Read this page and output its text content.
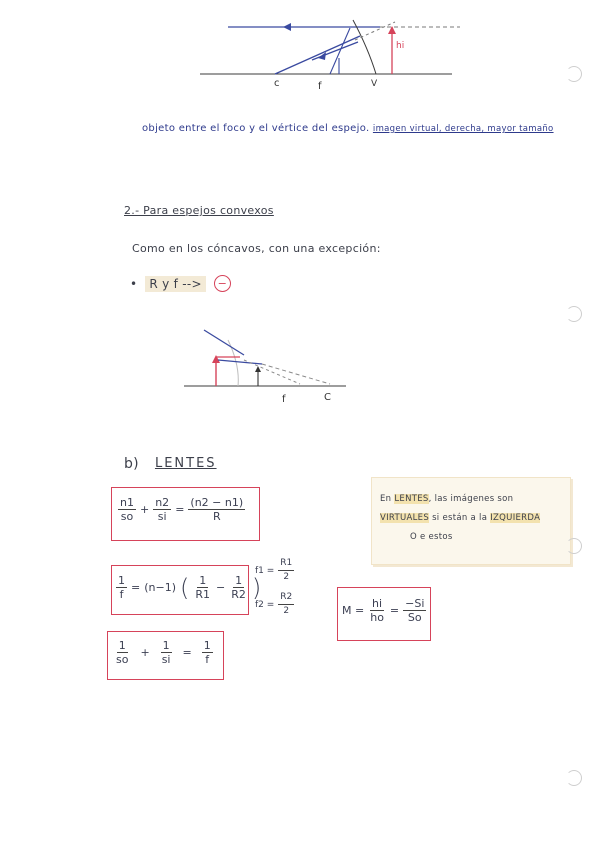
hi
c	f	V
objeto entre el foco y el vértice del espejo. imagen virtual, derecha, mayor tamaño
2.- Para espejos convexos
Como en los cóncavos, con una excepción:
•	R y f -->	−
f	C
b) LENTES
$\frac{n1}{so} + \frac{n2}{si} = \frac{(n2 - n1)}{R}$
$\frac{1}{f} = (n-1)$ ( $\frac{1}{R1} - \frac{1}{R2}$ )
$f1 = \frac{R1}{2}$
$f2 = \frac{R2}{2}$
$\frac{1}{so} + \frac{1}{si} = \frac{1}{f}$
$M = \frac{hi}{ho} = \frac{-Si}{So}$
En LENTES, las imágenes son
VIRTUALES si están a la IZQUIERDA
O e estos
